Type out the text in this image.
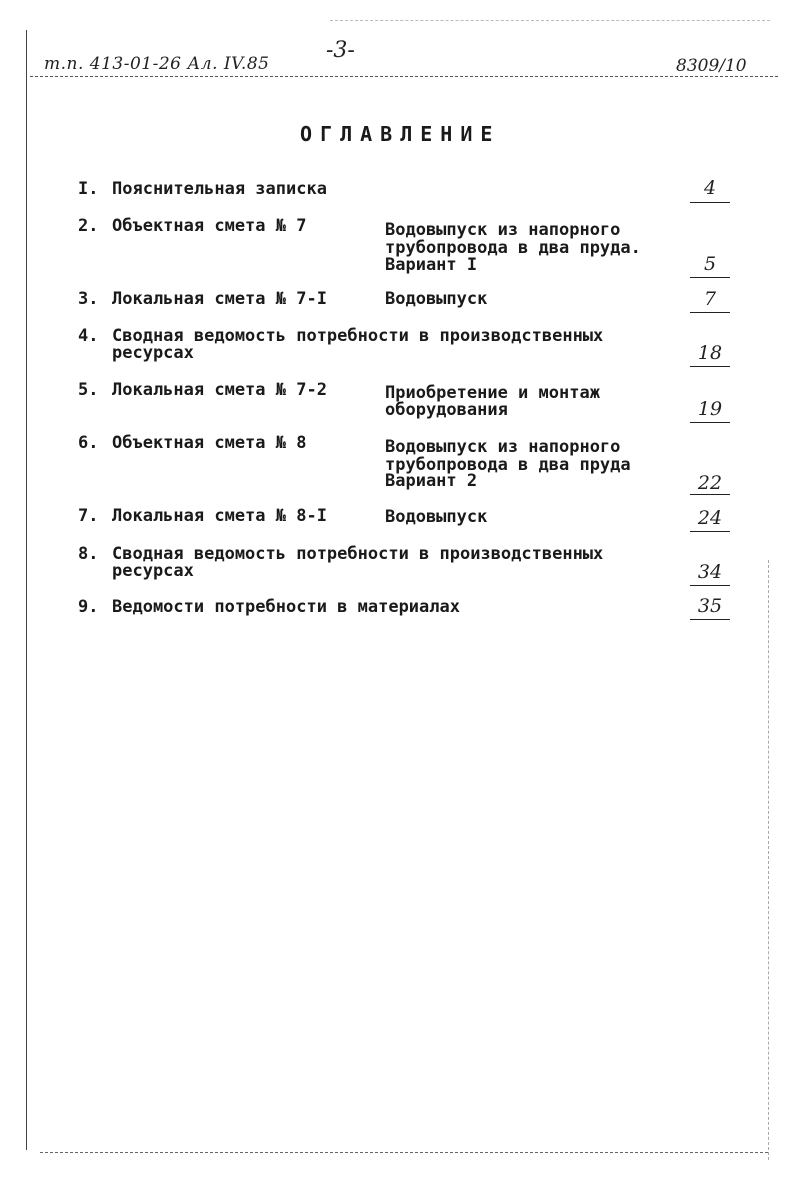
т.п. 413-01-26 Ал. IV.85
-3-
8309/10
ОГЛАВЛЕНИЕ
I. Пояснительная записка	4
2. Объектная смета № 7	Водовыпуск из напорного
трубопровода в два пруда.
Вариант I	5
3. Локальная смета № 7-I	Водовыпуск	7
4. Сводная ведомость потребности в производственных
ресурсах	18
5. Локальная смета № 7-2	Приобретение и монтаж
оборудования	19
6. Объектная смета № 8	Водовыпуск из напорного
трубопровода в два пруда
Вариант 2	22
7. Локальная смета № 8-I	Водовыпуск	24
8. Сводная ведомость потребности в производственных
ресурсах	34
9. Ведомости потребности в материалах	35
